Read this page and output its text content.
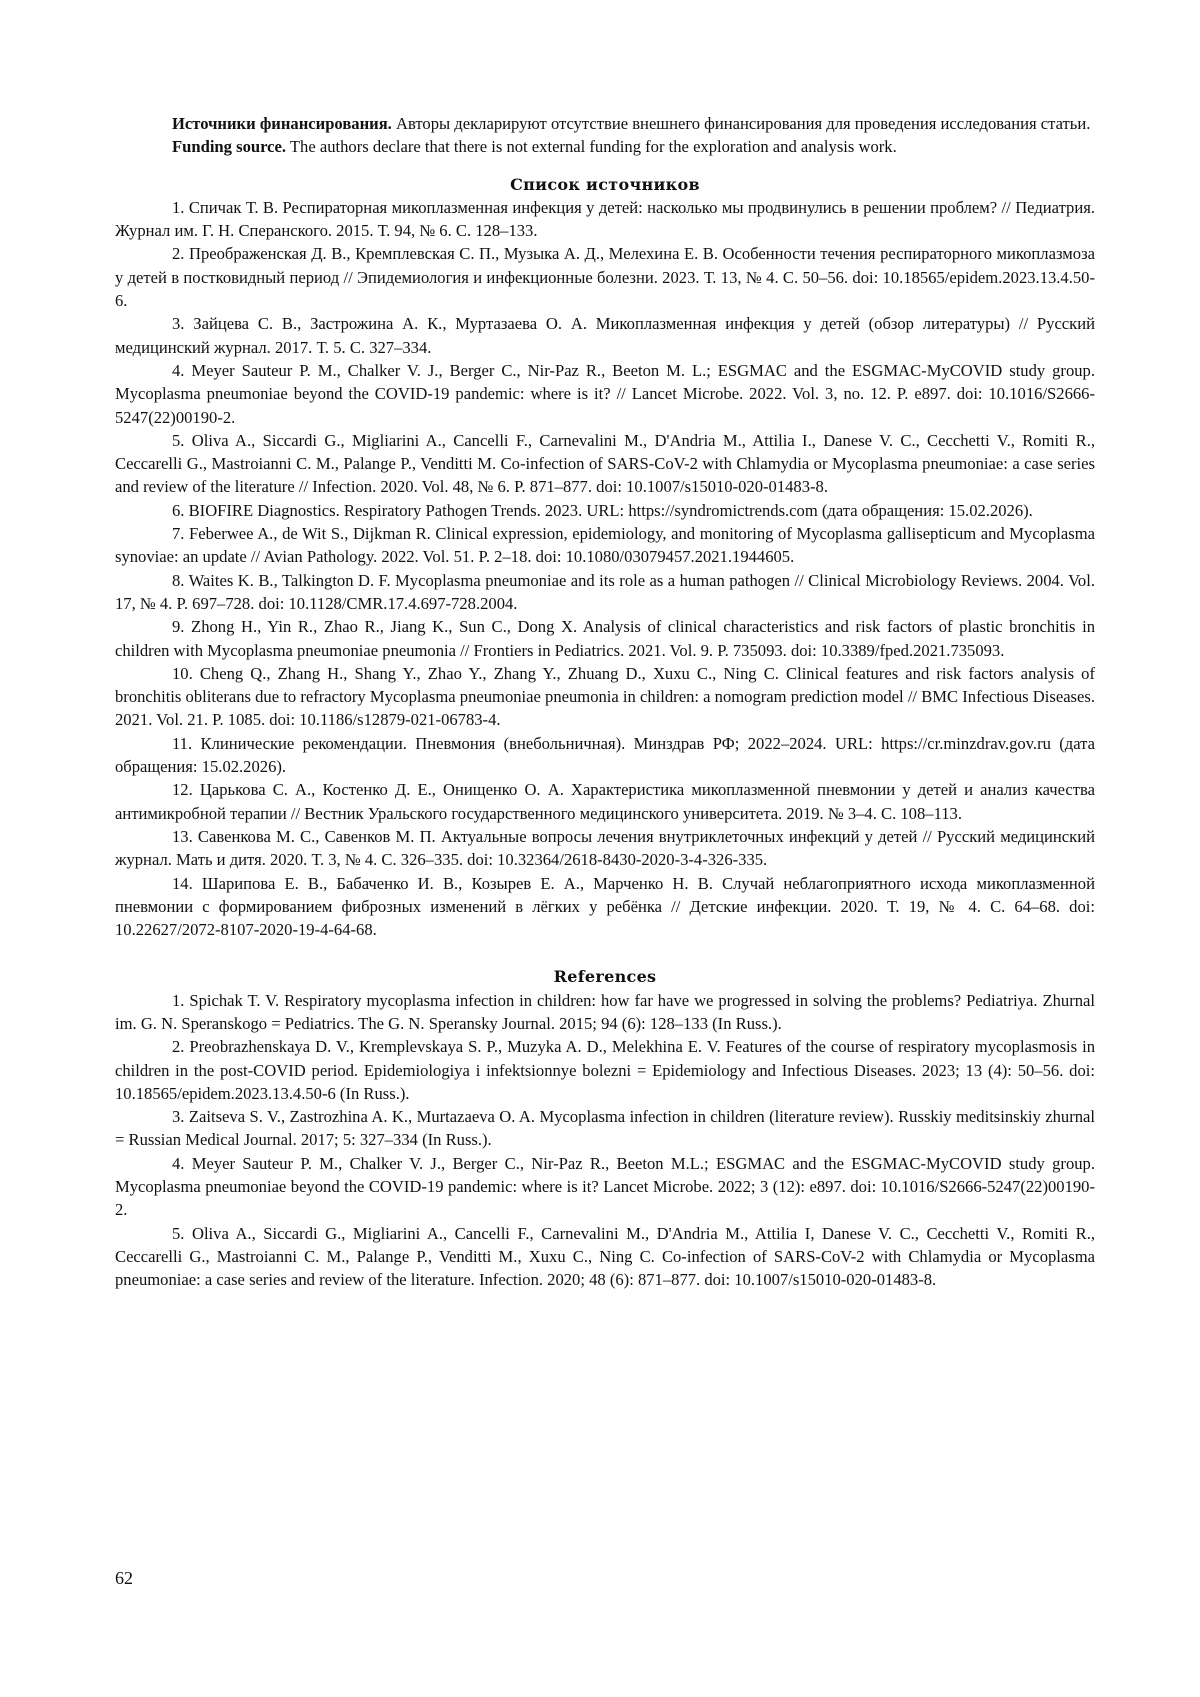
Источники финансирования. Авторы декларируют отсутствие внешнего финансирования для проведения исследования статьи.

Funding source. The authors declare that there is not external funding for the exploration and analysis work.

Список источников

1. Спичак Т. В. Респираторная микоплазменная инфекция у детей: насколько мы продвинулись в решении проблем? // Педиатрия. Журнал им. Г. Н. Сперанского. 2015. Т. 94, № 6. С. 128–133.

2. Преображенская Д. В., Кремплевская С. П., Музыка А. Д., Мелехина Е. В. Особенности течения респираторного микоплазмоза у детей в постковидный период // Эпидемиология и инфекционные болезни. 2023. Т. 13, № 4. С. 50–56. doi: 10.18565/epidem.2023.13.4.50-6.

3. Зайцева С. В., Застрожина А. К., Муртазаева О. А. Микоплазменная инфекция у детей (обзор литературы) // Русский медицинский журнал. 2017. Т. 5. С. 327–334.

4. Meyer Sauteur P. M., Chalker V. J., Berger C., Nir-Paz R., Beeton M. L.; ESGMAC and the ESGMAC-MyCOVID study group. Mycoplasma pneumoniae beyond the COVID-19 pandemic: where is it? // Lancet Microbe. 2022. Vol. 3, no. 12. P. e897. doi: 10.1016/S2666-5247(22)00190-2.

5. Oliva A., Siccardi G., Migliarini A., Cancelli F., Carnevalini M., D'Andria M., Attilia I., Danese V. C., Cecchetti V., Romiti R., Ceccarelli G., Mastroianni C. M., Palange P., Venditti M. Co-infection of SARS-CoV-2 with Chlamydia or Mycoplasma pneumoniae: a case series and review of the literature // Infection. 2020. Vol. 48, № 6. P. 871–877. doi: 10.1007/s15010-020-01483-8.

6. BIOFIRE Diagnostics. Respiratory Pathogen Trends. 2023. URL: https://syndromictrends.com (дата обращения: 15.02.2026).

7. Feberwee A., de Wit S., Dijkman R. Clinical expression, epidemiology, and monitoring of Mycoplasma gallisepticum and Mycoplasma synoviae: an update // Avian Pathology. 2022. Vol. 51. P. 2–18. doi: 10.1080/03079457.2021.1944605.

8. Waites K. B., Talkington D. F. Mycoplasma pneumoniae and its role as a human pathogen // Clinical Microbiology Reviews. 2004. Vol. 17, № 4. P. 697–728. doi: 10.1128/CMR.17.4.697-728.2004.

9. Zhong H., Yin R., Zhao R., Jiang K., Sun C., Dong X. Analysis of clinical characteristics and risk factors of plastic bronchitis in children with Mycoplasma pneumoniae pneumonia // Frontiers in Pediatrics. 2021. Vol. 9. P. 735093. doi: 10.3389/fped.2021.735093.

10. Cheng Q., Zhang H., Shang Y., Zhao Y., Zhang Y., Zhuang D., Xuxu C., Ning C. Clinical features and risk factors analysis of bronchitis obliterans due to refractory Mycoplasma pneumoniae pneumonia in children: a nomogram prediction model // BMC Infectious Diseases. 2021. Vol. 21. P. 1085. doi: 10.1186/s12879-021-06783-4.

11. Клинические рекомендации. Пневмония (внебольничная). Минздрав РФ; 2022–2024. URL: https://cr.minzdrav.gov.ru (дата обращения: 15.02.2026).

12. Царькова С. А., Костенко Д. Е., Онищенко О. А. Характеристика микоплазменной пневмонии у детей и анализ качества антимикробной терапии // Вестник Уральского государственного медицинского университета. 2019. № 3–4. С. 108–113.

13. Савенкова М. С., Савенков М. П. Актуальные вопросы лечения внутриклеточных инфекций у детей // Русский медицинский журнал. Мать и дитя. 2020. Т. 3, № 4. С. 326–335. doi: 10.32364/2618-8430-2020-3-4-326-335.

14. Шарипова Е. В., Бабаченко И. В., Козырев Е. А., Марченко Н. В. Случай неблагоприятного исхода микоплазменной пневмонии с формированием фиброзных изменений в лёгких у ребёнка // Детские инфекции. 2020. Т. 19, № 4. С. 64–68. doi: 10.22627/2072-8107-2020-19-4-64-68.

References

1. Spichak T. V. Respiratory mycoplasma infection in children: how far have we progressed in solving the problems? Pediatriya. Zhurnal im. G. N. Speranskogo = Pediatrics. The G. N. Speransky Journal. 2015; 94 (6): 128–133 (In Russ.).

2. Preobrazhenskaya D. V., Kremplevskaya S. P., Muzyka A. D., Melekhina E. V. Features of the course of respiratory mycoplasmosis in children in the post-COVID period. Epidemiologiya i infektsionnye bolezni = Epidemiology and Infectious Diseases. 2023; 13 (4): 50–56. doi: 10.18565/epidem.2023.13.4.50-6 (In Russ.).

3. Zaitseva S. V., Zastrozhina A. K., Murtazaeva O. A. Mycoplasma infection in children (literature review). Russkiy meditsinskiy zhurnal = Russian Medical Journal. 2017; 5: 327–334 (In Russ.).

4. Meyer Sauteur P. M., Chalker V. J., Berger C., Nir-Paz R., Beeton M.L.; ESGMAC and the ESGMAC-MyCOVID study group. Mycoplasma pneumoniae beyond the COVID-19 pandemic: where is it? Lancet Microbe. 2022; 3 (12): e897. doi: 10.1016/S2666-5247(22)00190-2.

5. Oliva A., Siccardi G., Migliarini A., Cancelli F., Carnevalini M., D'Andria M., Attilia I, Danese V. C., Cecchetti V., Romiti R., Ceccarelli G., Mastroianni C. M., Palange P., Venditti M., Xuxu C., Ning C. Co-infection of SARS-CoV-2 with Chlamydia or Mycoplasma pneumoniae: a case series and review of the literature. Infection. 2020; 48 (6): 871–877. doi: 10.1007/s15010-020-01483-8.

62
